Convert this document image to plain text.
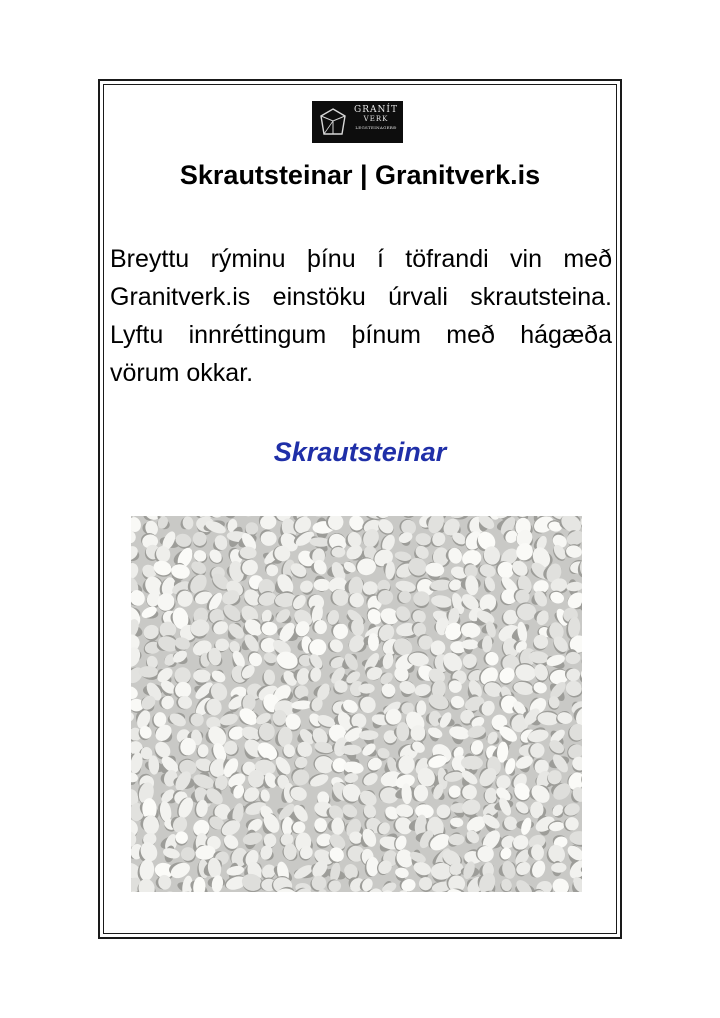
GRANÍT
VERK
LEGSTEINAGERÐ
Skrautsteinar | Granitverk.is

Breyttu rýminu þínu í töfrandi vin með Granitverk.is einstöku úrvali skrautsteina. Lyftu innréttingum þínum með hágæða vörum okkar.

Skrautsteinar
